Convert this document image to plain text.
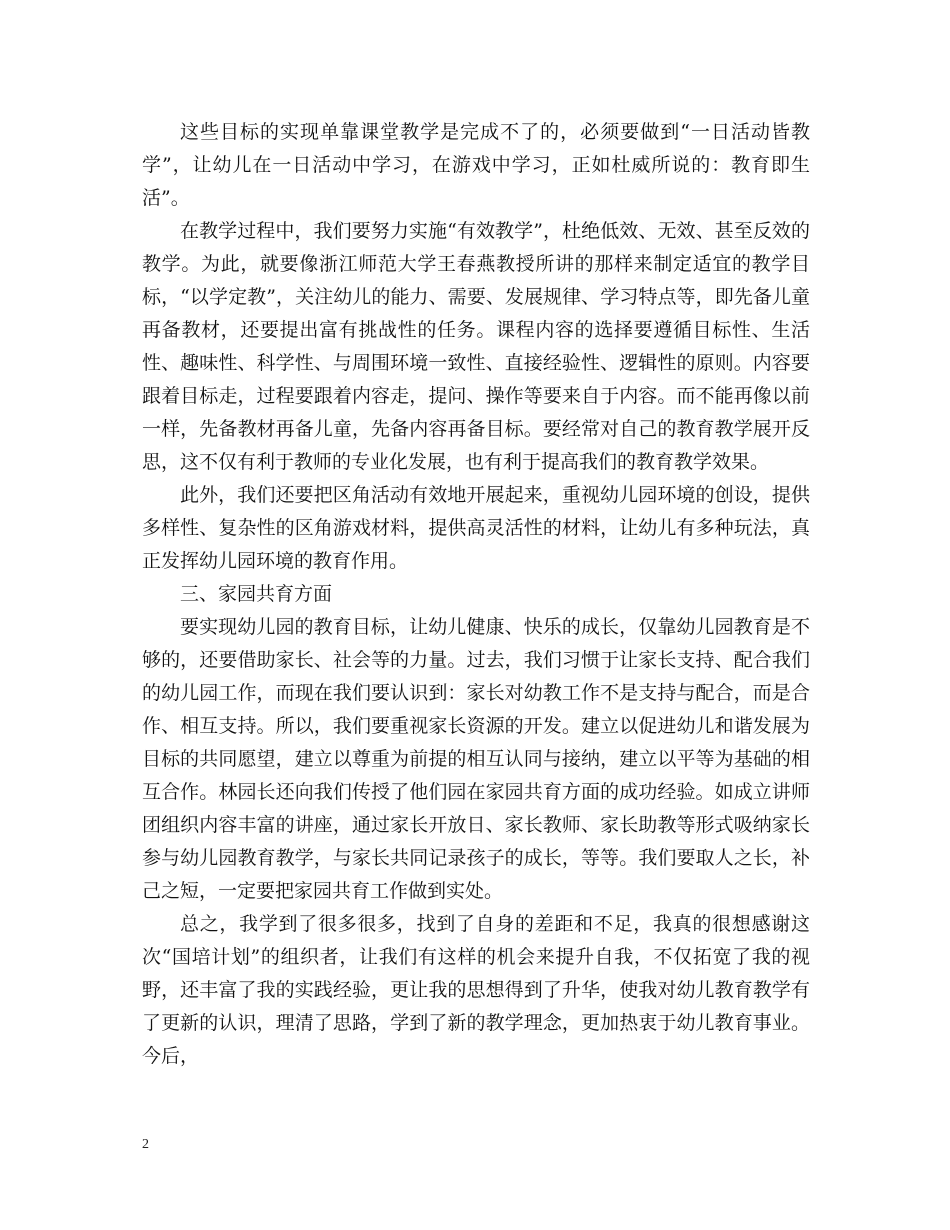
这些目标的实现单靠课堂教学是完成不了的，必须要做到“一日活动皆教学”，让幼儿在一日活动中学习，在游戏中学习，正如杜威所说的：教育即生活”。

在教学过程中，我们要努力实施“有效教学”，杜绝低效、无效、甚至反效的教学。为此，就要像浙江师范大学王春燕教授所讲的那样来制定适宜的教学目标，“以学定教”，关注幼儿的能力、需要、发展规律、学习特点等，即先备儿童再备教材，还要提出富有挑战性的任务。课程内容的选择要遵循目标性、生活性、趣味性、科学性、与周围环境一致性、直接经验性、逻辑性的原则。内容要跟着目标走，过程要跟着内容走，提问、操作等要来自于内容。而不能再像以前一样，先备教材再备儿童，先备内容再备目标。要经常对自己的教育教学展开反思，这不仅有利于教师的专业化发展，也有利于提高我们的教育教学效果。

此外，我们还要把区角活动有效地开展起来，重视幼儿园环境的创设，提供多样性、复杂性的区角游戏材料，提供高灵活性的材料，让幼儿有多种玩法，真正发挥幼儿园环境的教育作用。

三、家园共育方面

要实现幼儿园的教育目标，让幼儿健康、快乐的成长，仅靠幼儿园教育是不够的，还要借助家长、社会等的力量。过去，我们习惯于让家长支持、配合我们的幼儿园工作，而现在我们要认识到：家长对幼教工作不是支持与配合，而是合作、相互支持。所以，我们要重视家长资源的开发。建立以促进幼儿和谐发展为目标的共同愿望，建立以尊重为前提的相互认同与接纳，建立以平等为基础的相互合作。林园长还向我们传授了他们园在家园共育方面的成功经验。如成立讲师团组织内容丰富的讲座，通过家长开放日、家长教师、家长助教等形式吸纳家长参与幼儿园教育教学，与家长共同记录孩子的成长，等等。我们要取人之长，补己之短，一定要把家园共育工作做到实处。

总之，我学到了很多很多，找到了自身的差距和不足，我真的很想感谢这次“国培计划”的组织者，让我们有这样的机会来提升自我，不仅拓宽了我的视野，还丰富了我的实践经验，更让我的思想得到了升华，使我对幼儿教育教学有了更新的认识，理清了思路，学到了新的教学理念，更加热衷于幼儿教育事业。今后，

2
